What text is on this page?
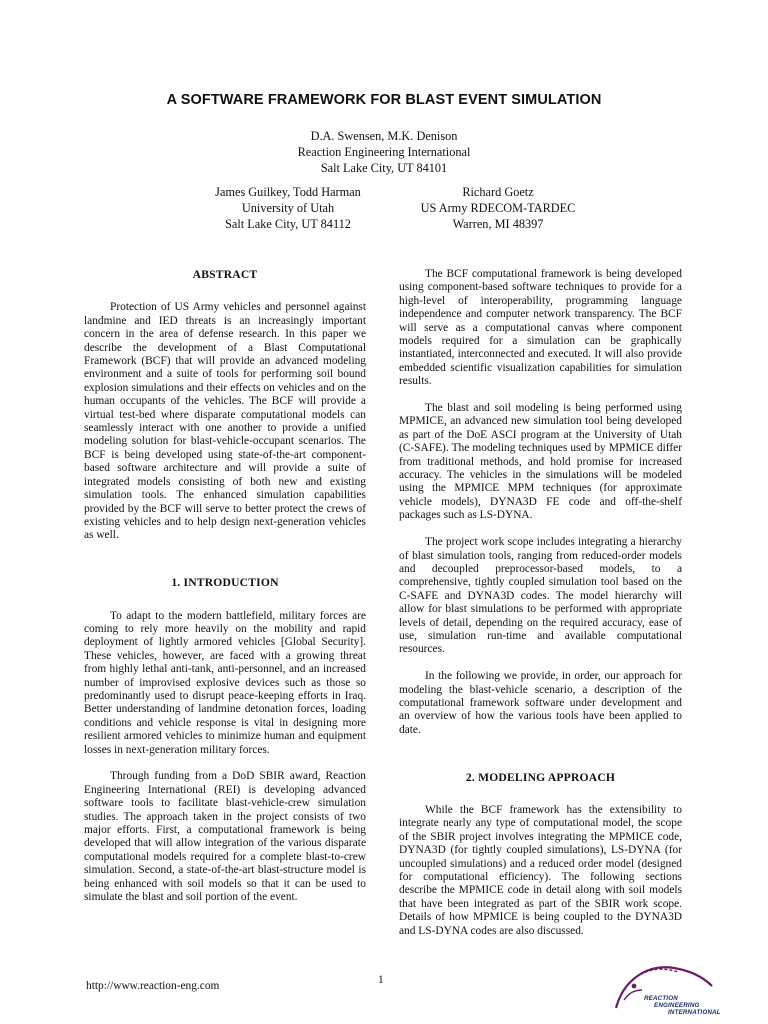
A SOFTWARE FRAMEWORK FOR BLAST EVENT SIMULATION
D.A. Swensen, M.K. Denison
Reaction Engineering International
Salt Lake City, UT 84101
James Guilkey, Todd Harman
University of Utah
Salt Lake City, UT 84112
Richard Goetz
US Army RDECOM-TARDEC
Warren, MI 48397

ABSTRACT

Protection of US Army vehicles and personnel against landmine and IED threats is an increasingly important concern in the area of defense research. In this paper we describe the development of a Blast Computational Framework (BCF) that will provide an advanced modeling environment and a suite of tools for performing soil bound explosion simulations and their effects on vehicles and on the human occupants of the vehicles. The BCF will provide a virtual test-bed where disparate computational models can seamlessly interact with one another to provide a unified modeling solution for blast-vehicle-occupant scenarios. The BCF is being developed using state-of-the-art component-based software architecture and will provide a suite of integrated models consisting of both new and existing simulation tools. The enhanced simulation capabilities provided by the BCF will serve to better protect the crews of existing vehicles and to help design next-generation vehicles as well.

1. INTRODUCTION

To adapt to the modern battlefield, military forces are coming to rely more heavily on the mobility and rapid deployment of lightly armored vehicles [Global Security]. These vehicles, however, are faced with a growing threat from highly lethal anti-tank, anti-personnel, and an increased number of improvised explosive devices such as those so predominantly used to disrupt peace-keeping efforts in Iraq. Better understanding of landmine detonation forces, loading conditions and vehicle response is vital in designing more resilient armored vehicles to minimize human and equipment losses in next-generation military forces.

Through funding from a DoD SBIR award, Reaction Engineering International (REI) is developing advanced software tools to facilitate blast-vehicle-crew simulation studies. The approach taken in the project consists of two major efforts. First, a computational framework is being developed that will allow integration of the various disparate computational models required for a complete blast-to-crew simulation. Second, a state-of-the-art blast-structure model is being enhanced with soil models so that it can be used to simulate the blast and soil portion of the event.

The BCF computational framework is being developed using component-based software techniques to provide for a high-level of interoperability, programming language independence and computer network transparency. The BCF will serve as a computational canvas where component models required for a simulation can be graphically instantiated, interconnected and executed. It will also provide embedded scientific visualization capabilities for simulation results.

The blast and soil modeling is being performed using MPMICE, an advanced new simulation tool being developed as part of the DoE ASCI program at the University of Utah (C-SAFE). The modeling techniques used by MPMICE differ from traditional methods, and hold promise for increased accuracy. The vehicles in the simulations will be modeled using the MPMICE MPM techniques (for approximate vehicle models), DYNA3D FE code and off-the-shelf packages such as LS-DYNA.

The project work scope includes integrating a hierarchy of blast simulation tools, ranging from reduced-order models and decoupled preprocessor-based models, to a comprehensive, tightly coupled simulation tool based on the C-SAFE and DYNA3D codes. The model hierarchy will allow for blast simulations to be performed with appropriate levels of detail, depending on the required accuracy, ease of use, simulation run-time and available computational resources.

In the following we provide, in order, our approach for modeling the blast-vehicle scenario, a description of the computational framework software under development and an overview of how the various tools have been applied to date.

2. MODELING APPROACH

While the BCF framework has the extensibility to integrate nearly any type of computational model, the scope of the SBIR project involves integrating the MPMICE code, DYNA3D (for tightly coupled simulations), LS-DYNA (for uncoupled simulations) and a reduced order model (designed for computational efficiency). The following sections describe the MPMICE code in detail along with soil models that have been integrated as part of the SBIR work scope. Details of how MPMICE is being coupled to the DYNA3D and LS-DYNA codes are also discussed.

http://www.reaction-eng.com	1
REACTION
ENGINEERING
INTERNATIONAL
